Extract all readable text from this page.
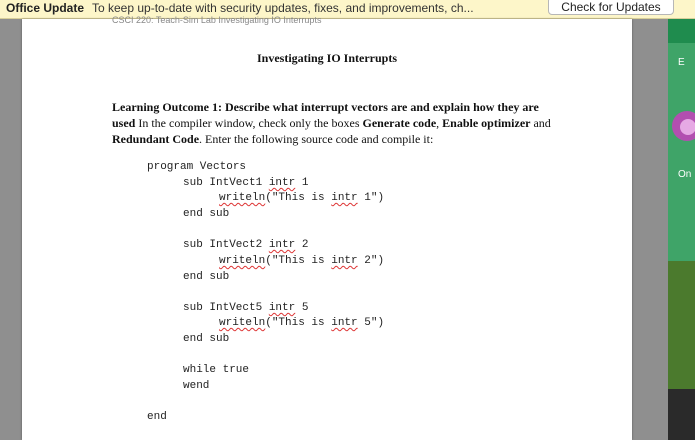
Office Update To keep up-to-date with security updates, fixes, and improvements, ch...	Check for Updates
CSCI 220: Teach-Sim Lab Investigating IO Interrupts
Investigating IO Interrupts
Learning Outcome 1: Describe what interrupt vectors are and explain how they are used In the compiler window, check only the boxes Generate code, Enable optimizer and Redundant Code. Enter the following source code and compile it:
program Vectors
sub IntVect1 intr 1
writeln("This is intr 1")
end sub
sub IntVect2 intr 2
writeln("This is intr 2")
end sub
sub IntVect5 intr 5
writeln("This is intr 5")
end sub
while true
wend
end
E
On
